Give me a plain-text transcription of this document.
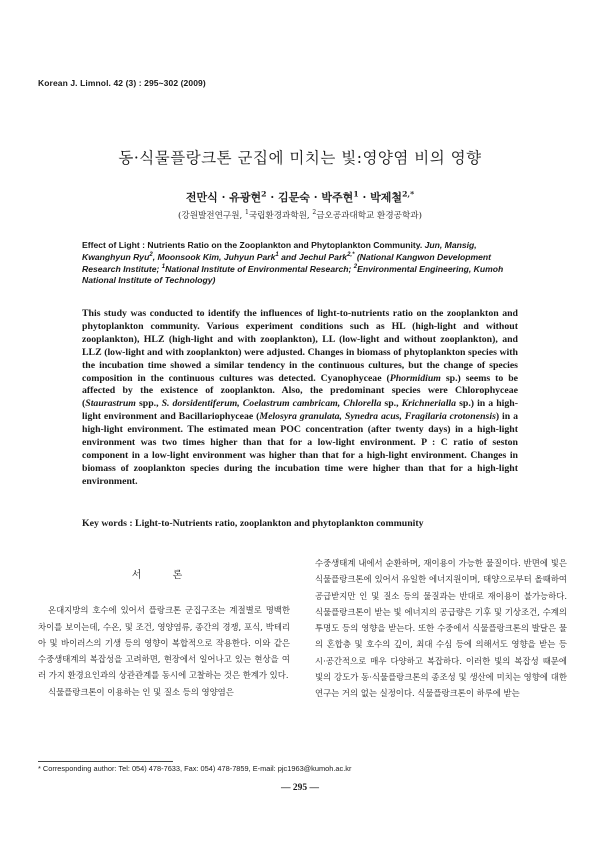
Korean J. Limnol. 42 (3) : 295~302 (2009)
동·식물플랑크톤 군집에 미치는 빛:영양염 비의 영향
전만식 · 유광현$^2$ · 김문숙 · 박주현$^1$ · 박제철$^{2,*}$
(강원발전연구원, $^1$국립환경과학원, $^2$금오공과대학교 환경공학과)
Effect of Light : Nutrients Ratio on the Zooplankton and Phytoplankton Community. Jun, Mansig, Kwanghyun Ryu$^2$, Moonsook Kim, Juhyun Park$^1$ and Jechul Park$^{2,*}$ (National Kangwon Development Research Institute; $^1$National Institute of Environmental Research; $^2$Environmental Engineering, Kumoh National Institute of Technology)
This study was conducted to identify the influences of light-to-nutrients ratio on the zooplankton and phytoplankton community. Various experiment conditions such as HL (high-light and without zooplankton), HLZ (high-light and with zooplankton), LL (low-light and without zooplankton), and LLZ (low-light and with zooplankton) were adjusted. Changes in biomass of phytoplankton species with the incubation time showed a similar tendency in the continuous cultures, but the change of species composition in the continuous cultures was detected. Cyanophyceae (Phormidium sp.) seems to be affected by the existence of zooplankton. Also, the predominant species were Chlorophyceae (Staurastrum spp., S. dorsidentiferum, Coelastrum cambricam, Chlorella sp., Krichnerialla sp.) in a high-light environment and Bacillariophyceae (Melosyra granulata, Synedra acus, Fragilaria crotonensis) in a high-light environment. The estimated mean POC concentration (after twenty days) in a high-light environment was two times higher than that for a low-light environment. P : C ratio of seston component in a low-light environment was higher than that for a high-light environment. Changes in biomass of zooplankton species during the incubation time were higher than that for a high-light environment.
Key words : Light-to-Nutrients ratio, zooplankton and phytoplankton community
서 론

온대지방의 호수에 있어서 플랑크톤 군집구조는 계절별로 명백한 차이를 보이는데, 수온, 및 조건, 영양염류, 종간의 경쟁, 포식, 박테리아 및 바이러스의 기생 등의 영향이 복합적으로 작용한다. 이와 같은 수중생태계의 복잡성을 고려하면, 현장에서 일어나고 있는 현상을 여러 가지 환경요인과의 상관관계를 동시에 고찰하는 것은 한계가 있다.

식물플랑크톤이 이용하는 인 및 질소 등의 영양염은

수중생태계 내에서 순환하며, 재이용이 가능한 물질이다. 반면에 빛은 식물플랑크톤에 있어서 유일한 에너지원이며, 태양으로부터 올때하여 공급받지만 인 및 질소 등의 물질과는 반대로 재이용이 불가능하다. 식물플랑크톤이 받는 빛 에너지의 공급량은 기후 및 기상조건, 수계의 투명도 등의 영향을 받는다. 또한 수중에서 식물플랑크톤의 발달은 물의 혼합층 및 호수의 깊이, 최대 수심 등에 의해서도 영향을 받는 등 시·공간적으로 매우 다양하고 복잡하다. 이러한 빛의 복잡성 때문에 빛의 강도가 동·식물플랑크톤의 종조성 및 생산에 미치는 영향에 대한 연구는 거의 없는 실정이다. 식물플랑크톤이 하루에 받는

* Corresponding author: Tel: 054) 478-7633, Fax: 054) 478-7859, E-mail: pjc1963@kumoh.ac.kr
— 295 —
